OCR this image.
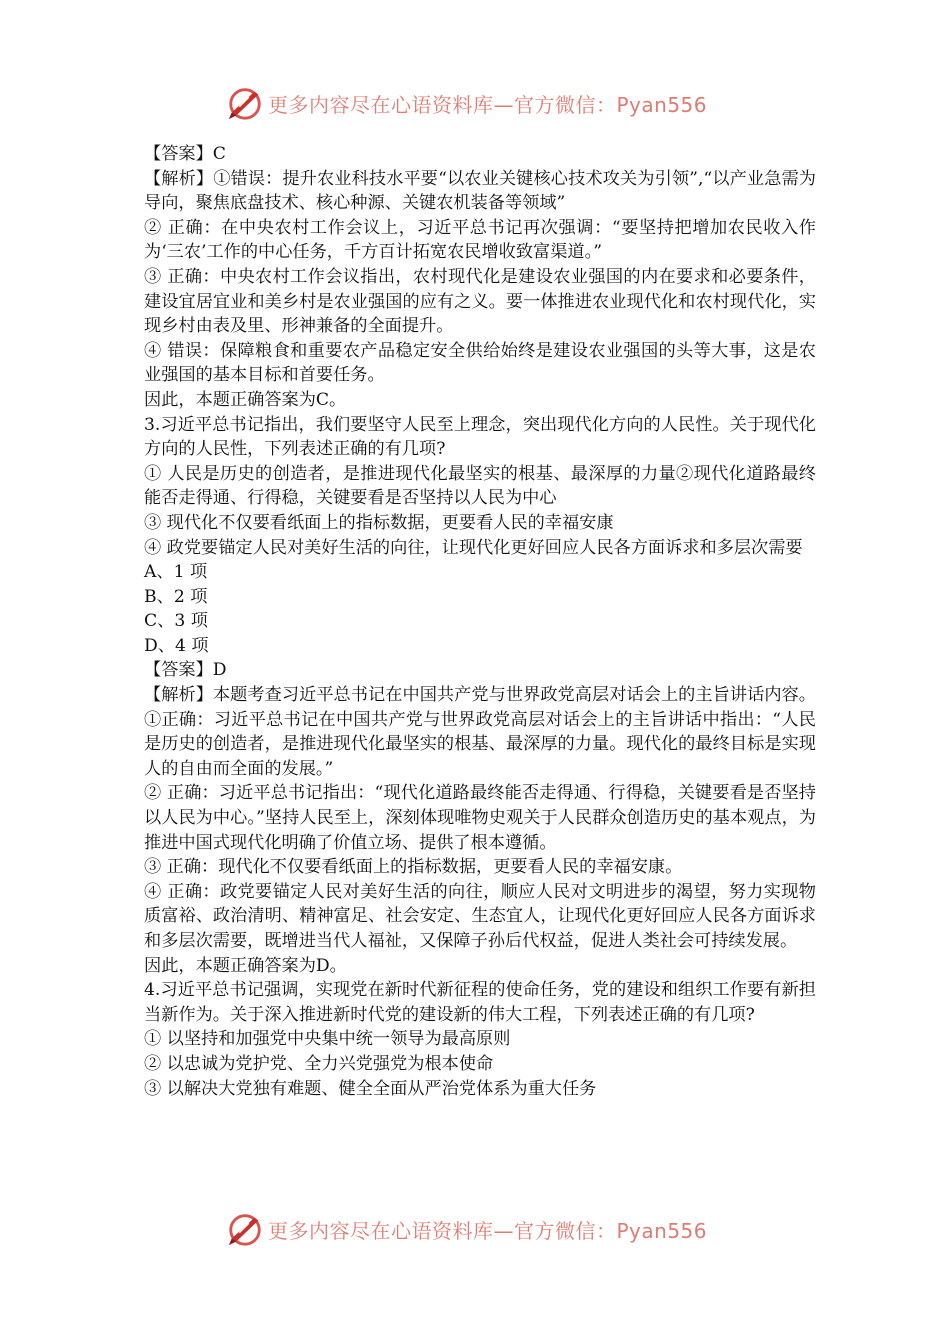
更多内容尽在心语资料库—官方微信：Pyan556

【答案】C

【解析】①错误：提升农业科技水平要“以农业关键核心技术攻关为引领”,“以产业急需为导向，聚焦底盘技术、核心种源、关键农机装备等领域”

② 正确：在中央农村工作会议上，习近平总书记再次强调：“要坚持把增加农民收入作为‘三农’工作的中心任务，千方百计拓宽农民增收致富渠道。”

③ 正确：中央农村工作会议指出，农村现代化是建设农业强国的内在要求和必要条件，建设宜居宜业和美乡村是农业强国的应有之义。要一体推进农业现代化和农村现代化，实现乡村由表及里、形神兼备的全面提升。

④ 错误：保障粮食和重要农产品稳定安全供给始终是建设农业强国的头等大事，这是农业强国的基本目标和首要任务。

因此，本题正确答案为C。

3.习近平总书记指出，我们要坚守人民至上理念，突出现代化方向的人民性。关于现代化方向的人民性，下列表述正确的有几项?

① 人民是历史的创造者，是推进现代化最坚实的根基、最深厚的力量②现代化道路最终能否走得通、行得稳，关键要看是否坚持以人民为中心

③ 现代化不仅要看纸面上的指标数据，更要看人民的幸福安康

④ 政党要锚定人民对美好生活的向往，让现代化更好回应人民各方面诉求和多层次需要

A、1 项

B、2 项

C、3 项

D、4 项

【答案】D

【解析】本题考查习近平总书记在中国共产党与世界政党高层对话会上的主旨讲话内容。①正确：习近平总书记在中国共产党与世界政党高层对话会上的主旨讲话中指出：“人民是历史的创造者，是推进现代化最坚实的根基、最深厚的力量。现代化的最终目标是实现人的自由而全面的发展。”

② 正确：习近平总书记指出：“现代化道路最终能否走得通、行得稳，关键要看是否坚持以人民为中心。”坚持人民至上，深刻体现唯物史观关于人民群众创造历史的基本观点，为推进中国式现代化明确了价值立场、提供了根本遵循。

③ 正确：现代化不仅要看纸面上的指标数据，更要看人民的幸福安康。

④ 正确：政党要锚定人民对美好生活的向往，顺应人民对文明进步的渴望，努力实现物质富裕、政治清明、精神富足、社会安定、生态宜人，让现代化更好回应人民各方面诉求和多层次需要，既增进当代人福祉，又保障子孙后代权益，促进人类社会可持续发展。

因此，本题正确答案为D。

4.习近平总书记强调，实现党在新时代新征程的使命任务，党的建设和组织工作要有新担当新作为。关于深入推进新时代党的建设新的伟大工程，下列表述正确的有几项?

① 以坚持和加强党中央集中统一领导为最高原则

② 以忠诚为党护党、全力兴党强党为根本使命

③ 以解决大党独有难题、健全全面从严治党体系为重大任务

更多内容尽在心语资料库—官方微信：Pyan556
